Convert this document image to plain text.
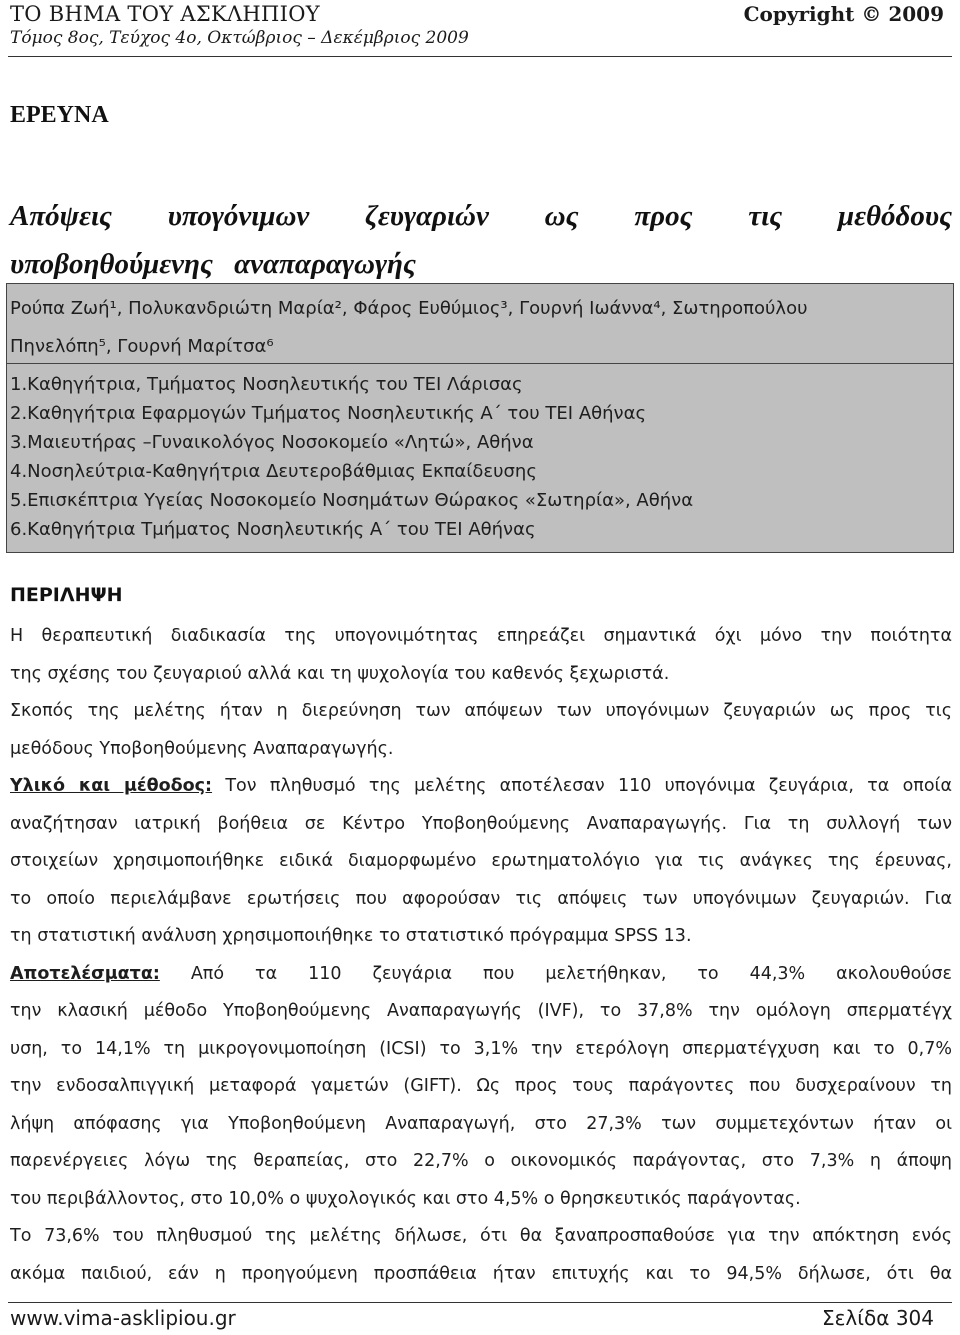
ΤΟ ΒΗΜΑ ΤΟΥ ΑΣΚΛΗΠΙΟΥ	Copyright © 2009
Τόμος 8ος, Τεύχος 4ο, Οκτώβριος – Δεκέμβριος 2009
ΕΡΕΥΝΑ
Απόψεις υπογόνιμων ζευγαριών ως προς τις μεθόδους υποβοηθούμενης αναπαραγωγής
Ρούπα Ζωή¹, Πολυκανδριώτη Μαρία², Φάρος Ευθύμιος³, Γουρνή Ιωάννα⁴, Σωτηροπούλου
Πηνελόπη⁵, Γουρνή Μαρίτσα⁶
1.Καθηγήτρια, Τμήματος Νοσηλευτικής του ΤΕΙ Λάρισας
2.Καθηγήτρια Εφαρμογών Τμήματος Νοσηλευτικής Α΄ του ΤΕΙ Αθήνας
3.Μαιευτήρας –Γυναικολόγος Νοσοκομείο «Λητώ», Αθήνα
4.Νοσηλεύτρια-Καθηγήτρια Δευτεροβάθμιας Εκπαίδευσης
5.Επισκέπτρια Υγείας Νοσοκομείο Νοσημάτων Θώρακος «Σωτηρία», Αθήνα
6.Καθηγήτρια Τμήματος Νοσηλευτικής Α΄ του ΤΕΙ Αθήνας
ΠΕΡΙΛΗΨΗ
Η θεραπευτική διαδικασία της υπογονιμότητας επηρεάζει σημαντικά όχι μόνο την ποιότητα
της σχέσης του ζευγαριού αλλά και τη ψυχολογία του καθενός ξεχωριστά.
Σκοπός της μελέτης ήταν η διερεύνηση των απόψεων των υπογόνιμων ζευγαριών ως προς τις
μεθόδους Υποβοηθούμενης Αναπαραγωγής.
Υλικό και μέθοδος: Τον πληθυσμό της μελέτης αποτέλεσαν 110 υπογόνιμα ζευγάρια, τα οποία
αναζήτησαν ιατρική βοήθεια σε Κέντρο Υποβοηθούμενης Αναπαραγωγής. Για τη συλλογή των
στοιχείων χρησιμοποιήθηκε ειδικά διαμορφωμένο ερωτηματολόγιο για τις ανάγκες της έρευνας,
το οποίο περιελάμβανε ερωτήσεις που αφορούσαν τις απόψεις των υπογόνιμων ζευγαριών. Για
τη στατιστική ανάλυση χρησιμοποιήθηκε το στατιστικό πρόγραμμα SPSS 13.
Αποτελέσματα: Από τα 110 ζευγάρια που μελετήθηκαν, το 44,3% ακολουθούσε
την κλασική μέθοδο Υποβοηθούμενης Αναπαραγωγής (IVF), το 37,8% την ομόλογη σπερματέγχ
υση, το 14,1% τη μικρογονιμοποίηση (ICSI) το 3,1% την ετερόλογη σπερματέγχυση και το 0,7%
την ενδοσαλπιγγική μεταφορά γαμετών (GIFT). Ως προς τους παράγοντες που δυσχεραίνουν τη
λήψη απόφασης για Υποβοηθούμενη Αναπαραγωγή, στο 27,3% των συμμετεχόντων ήταν οι
παρενέργειες λόγω της θεραπείας, στο 22,7% ο οικονομικός παράγοντας, στο 7,3% η άποψη
του περιβάλλοντος, στο 10,0% ο ψυχολογικός και στο 4,5% ο θρησκευτικός παράγοντας.
Το 73,6% του πληθυσμού της μελέτης δήλωσε, ότι θα ξαναπροσπαθούσε για την απόκτηση ενός
ακόμα παιδιού, εάν η προηγούμενη προσπάθεια ήταν επιτυχής και το 94,5% δήλωσε, ότι θα
www.vima-asklipiou.gr	Σελίδα 304
